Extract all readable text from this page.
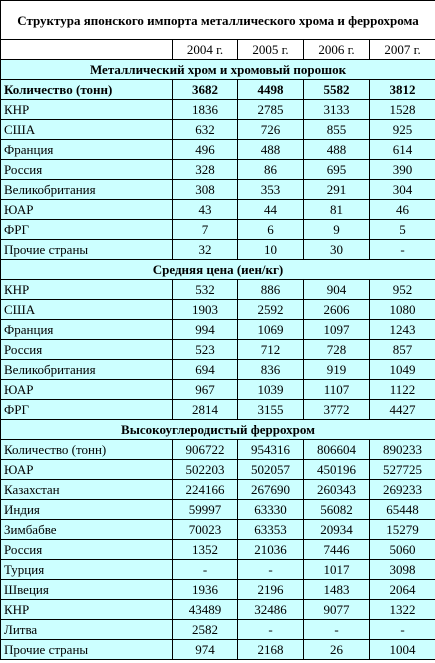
Структура японского импорта металлического хрома и феррохрома				
	2004 г.	2005 г.	2006 г.	2007 г.
Металлический хром и хромовый порошок				
Количество (тонн)	3682	4498	5582	3812
КНР	1836	2785	3133	1528
США	632	726	855	925
Франция	496	488	488	614
Россия	328	86	695	390
Великобритания	308	353	291	304
ЮАР	43	44	81	46
ФРГ	7	6	9	5
Прочие страны	32	10	30	-
Средняя цена (иен/кг)				
КНР	532	886	904	952
США	1903	2592	2606	1080
Франция	994	1069	1097	1243
Россия	523	712	728	857
Великобритания	694	836	919	1049
ЮАР	967	1039	1107	1122
ФРГ	2814	3155	3772	4427
Высокоуглеродистый феррохром				
Количество (тонн)	906722	954316	806604	890233
ЮАР	502203	502057	450196	527725
Казахстан	224166	267690	260343	269233
Индия	59997	63330	56082	65448
Зимбабве	70023	63353	20934	15279
Россия	1352	21036	7446	5060
Турция	-	-	1017	3098
Швеция	1936	2196	1483	2064
КНР	43489	32486	9077	1322
Литва	2582	-	-	-
Прочие страны	974	2168	26	1004
